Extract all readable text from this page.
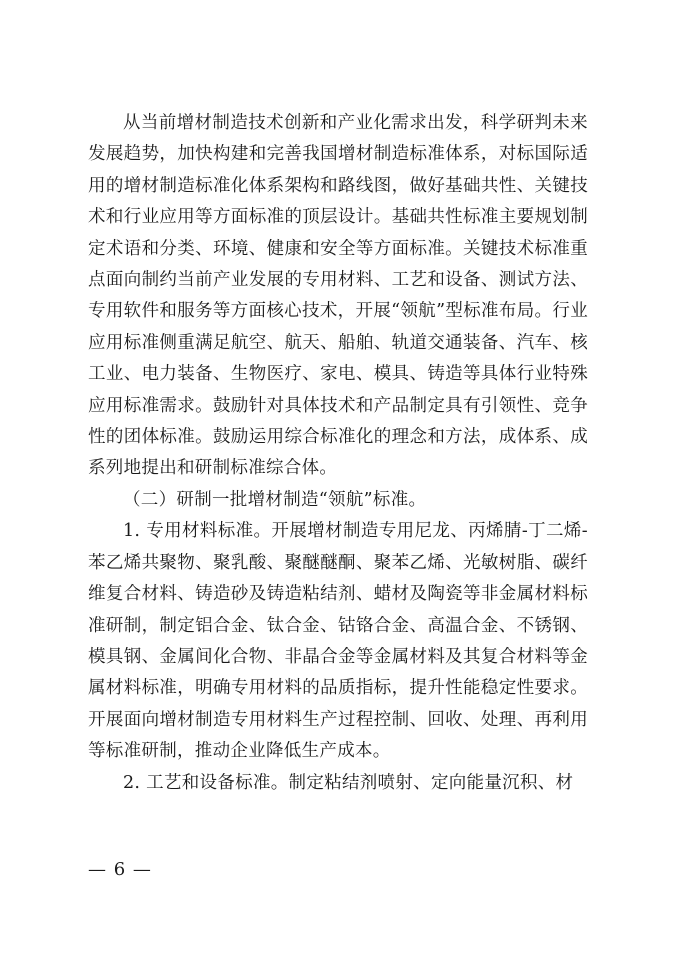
从当前增材制造技术创新和产业化需求出发，科学研判未来发展趋势，加快构建和完善我国增材制造标准体系，对标国际适用的增材制造标准化体系架构和路线图，做好基础共性、关键技术和行业应用等方面标准的顶层设计。基础共性标准主要规划制定术语和分类、环境、健康和安全等方面标准。关键技术标准重点面向制约当前产业发展的专用材料、工艺和设备、测试方法、专用软件和服务等方面核心技术，开展“领航”型标准布局。行业应用标准侧重满足航空、航天、船舶、轨道交通装备、汽车、核工业、电力装备、生物医疗、家电、模具、铸造等具体行业特殊应用标准需求。鼓励针对具体技术和产品制定具有引领性、竞争性的团体标准。鼓励运用综合标准化的理念和方法，成体系、成系列地提出和研制标准综合体。

（二）研制一批增材制造“领航”标准。

1. 专用材料标准。开展增材制造专用尼龙、丙烯腈-丁二烯-苯乙烯共聚物、聚乳酸、聚醚醚酮、聚苯乙烯、光敏树脂、碳纤维复合材料、铸造砂及铸造粘结剂、蜡材及陶瓷等非金属材料标准研制，制定铝合金、钛合金、钴铬合金、高温合金、不锈钢、模具钢、金属间化合物、非晶合金等金属材料及其复合材料等金属材料标准，明确专用材料的品质指标，提升性能稳定性要求。开展面向增材制造专用材料生产过程控制、回收、处理、再利用等标准研制，推动企业降低生产成本。

2. 工艺和设备标准。制定粘结剂喷射、定向能量沉积、材

— 6 —
